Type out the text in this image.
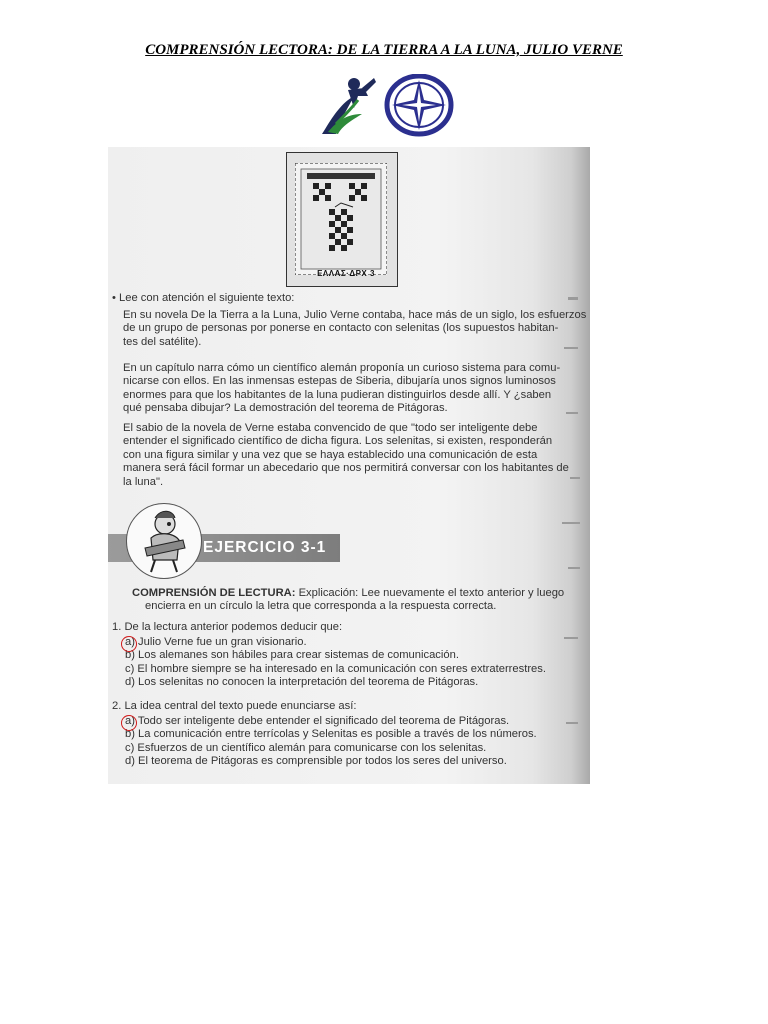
COMPRENSIÓN LECTORA: DE LA TIERRA A LA LUNA, JULIO VERNE
ΕΛΛΑΣ·ΔΡΧ 3
• Lee con atención el siguiente texto:
En su novela De la Tierra a la Luna, Julio Verne contaba, hace más de un siglo, los esfuerzos
de un grupo de personas por ponerse en contacto con selenitas (los supuestos habitan-
tes del satélite).
En un capítulo narra cómo un científico alemán proponía un curioso sistema para comu-
nicarse con ellos. En las inmensas estepas de Siberia, dibujaría unos signos luminosos
enormes para que los habitantes de la luna pudieran distinguirlos desde allí. Y ¿saben
qué pensaba dibujar? La demostración del teorema de Pitágoras.
El sabio de la novela de Verne estaba convencido de que "todo ser inteligente debe
entender el significado científico de dicha figura. Los selenitas, si existen, responderán
con una figura similar y una vez que se haya establecido una comunicación de esta
manera será fácil formar un abecedario que nos permitirá conversar con los habitantes de
la luna".
EJERCICIO 3-1
COMPRENSIÓN DE LECTURA: Explicación: Lee nuevamente el texto anterior y luego
encierra en un círculo la letra que corresponda a la respuesta correcta.
1. De la lectura anterior podemos deducir que:
a) Julio Verne fue un gran visionario.
b) Los alemanes son hábiles para crear sistemas de comunicación.
c) El hombre siempre se ha interesado en la comunicación con seres extraterrestres.
d) Los selenitas no conocen la interpretación del teorema de Pitágoras.
2. La idea central del texto puede enunciarse así:
a) Todo ser inteligente debe entender el significado del teorema de Pitágoras.
b) La comunicación entre terrícolas y Selenitas es posible a través de los números.
c) Esfuerzos de un científico alemán para comunicarse con los selenitas.
d) El teorema de Pitágoras es comprensible por todos los seres del universo.
